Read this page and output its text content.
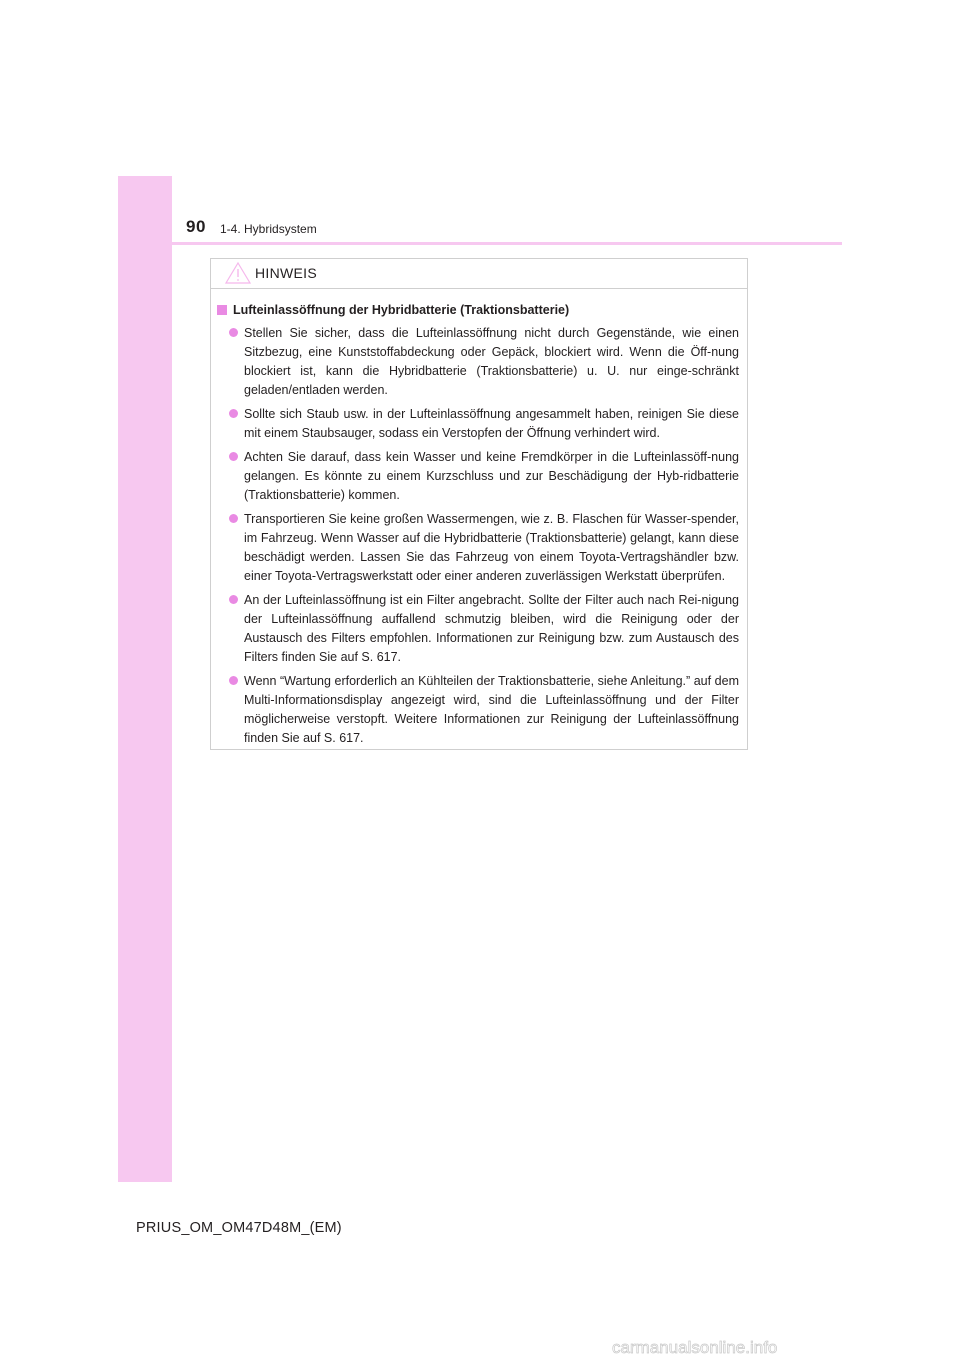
90 1-4. Hybridsystem
HINWEIS
Lufteinlassöffnung der Hybridbatterie (Traktionsbatterie)
Stellen Sie sicher, dass die Lufteinlassöffnung nicht durch Gegenstände, wie einen Sitzbezug, eine Kunststoffabdeckung oder Gepäck, blockiert wird. Wenn die Öff-nung blockiert ist, kann die Hybridbatterie (Traktionsbatterie) u. U. nur einge-schränkt geladen/entladen werden.
Sollte sich Staub usw. in der Lufteinlassöffnung angesammelt haben, reinigen Sie diese mit einem Staubsauger, sodass ein Verstopfen der Öffnung verhindert wird.
Achten Sie darauf, dass kein Wasser und keine Fremdkörper in die Lufteinlassöff-nung gelangen. Es könnte zu einem Kurzschluss und zur Beschädigung der Hyb-ridbatterie (Traktionsbatterie) kommen.
Transportieren Sie keine großen Wassermengen, wie z. B. Flaschen für Wasser-spender, im Fahrzeug. Wenn Wasser auf die Hybridbatterie (Traktionsbatterie) gelangt, kann diese beschädigt werden. Lassen Sie das Fahrzeug von einem Toyota-Vertragshändler bzw. einer Toyota-Vertragswerkstatt oder einer anderen zuverlässigen Werkstatt überprüfen.
An der Lufteinlassöffnung ist ein Filter angebracht. Sollte der Filter auch nach Rei-nigung der Lufteinlassöffnung auffallend schmutzig bleiben, wird die Reinigung oder der Austausch des Filters empfohlen. Informationen zur Reinigung bzw. zum Austausch des Filters finden Sie auf S. 617.
Wenn “Wartung erforderlich an Kühlteilen der Traktionsbatterie, siehe Anleitung.” auf dem Multi-Informationsdisplay angezeigt wird, sind die Lufteinlassöffnung und der Filter möglicherweise verstopft. Weitere Informationen zur Reinigung der Lufteinlassöffnung finden Sie auf S. 617.
PRIUS_OM_OM47D48M_(EM)
carmanualsonline.info
